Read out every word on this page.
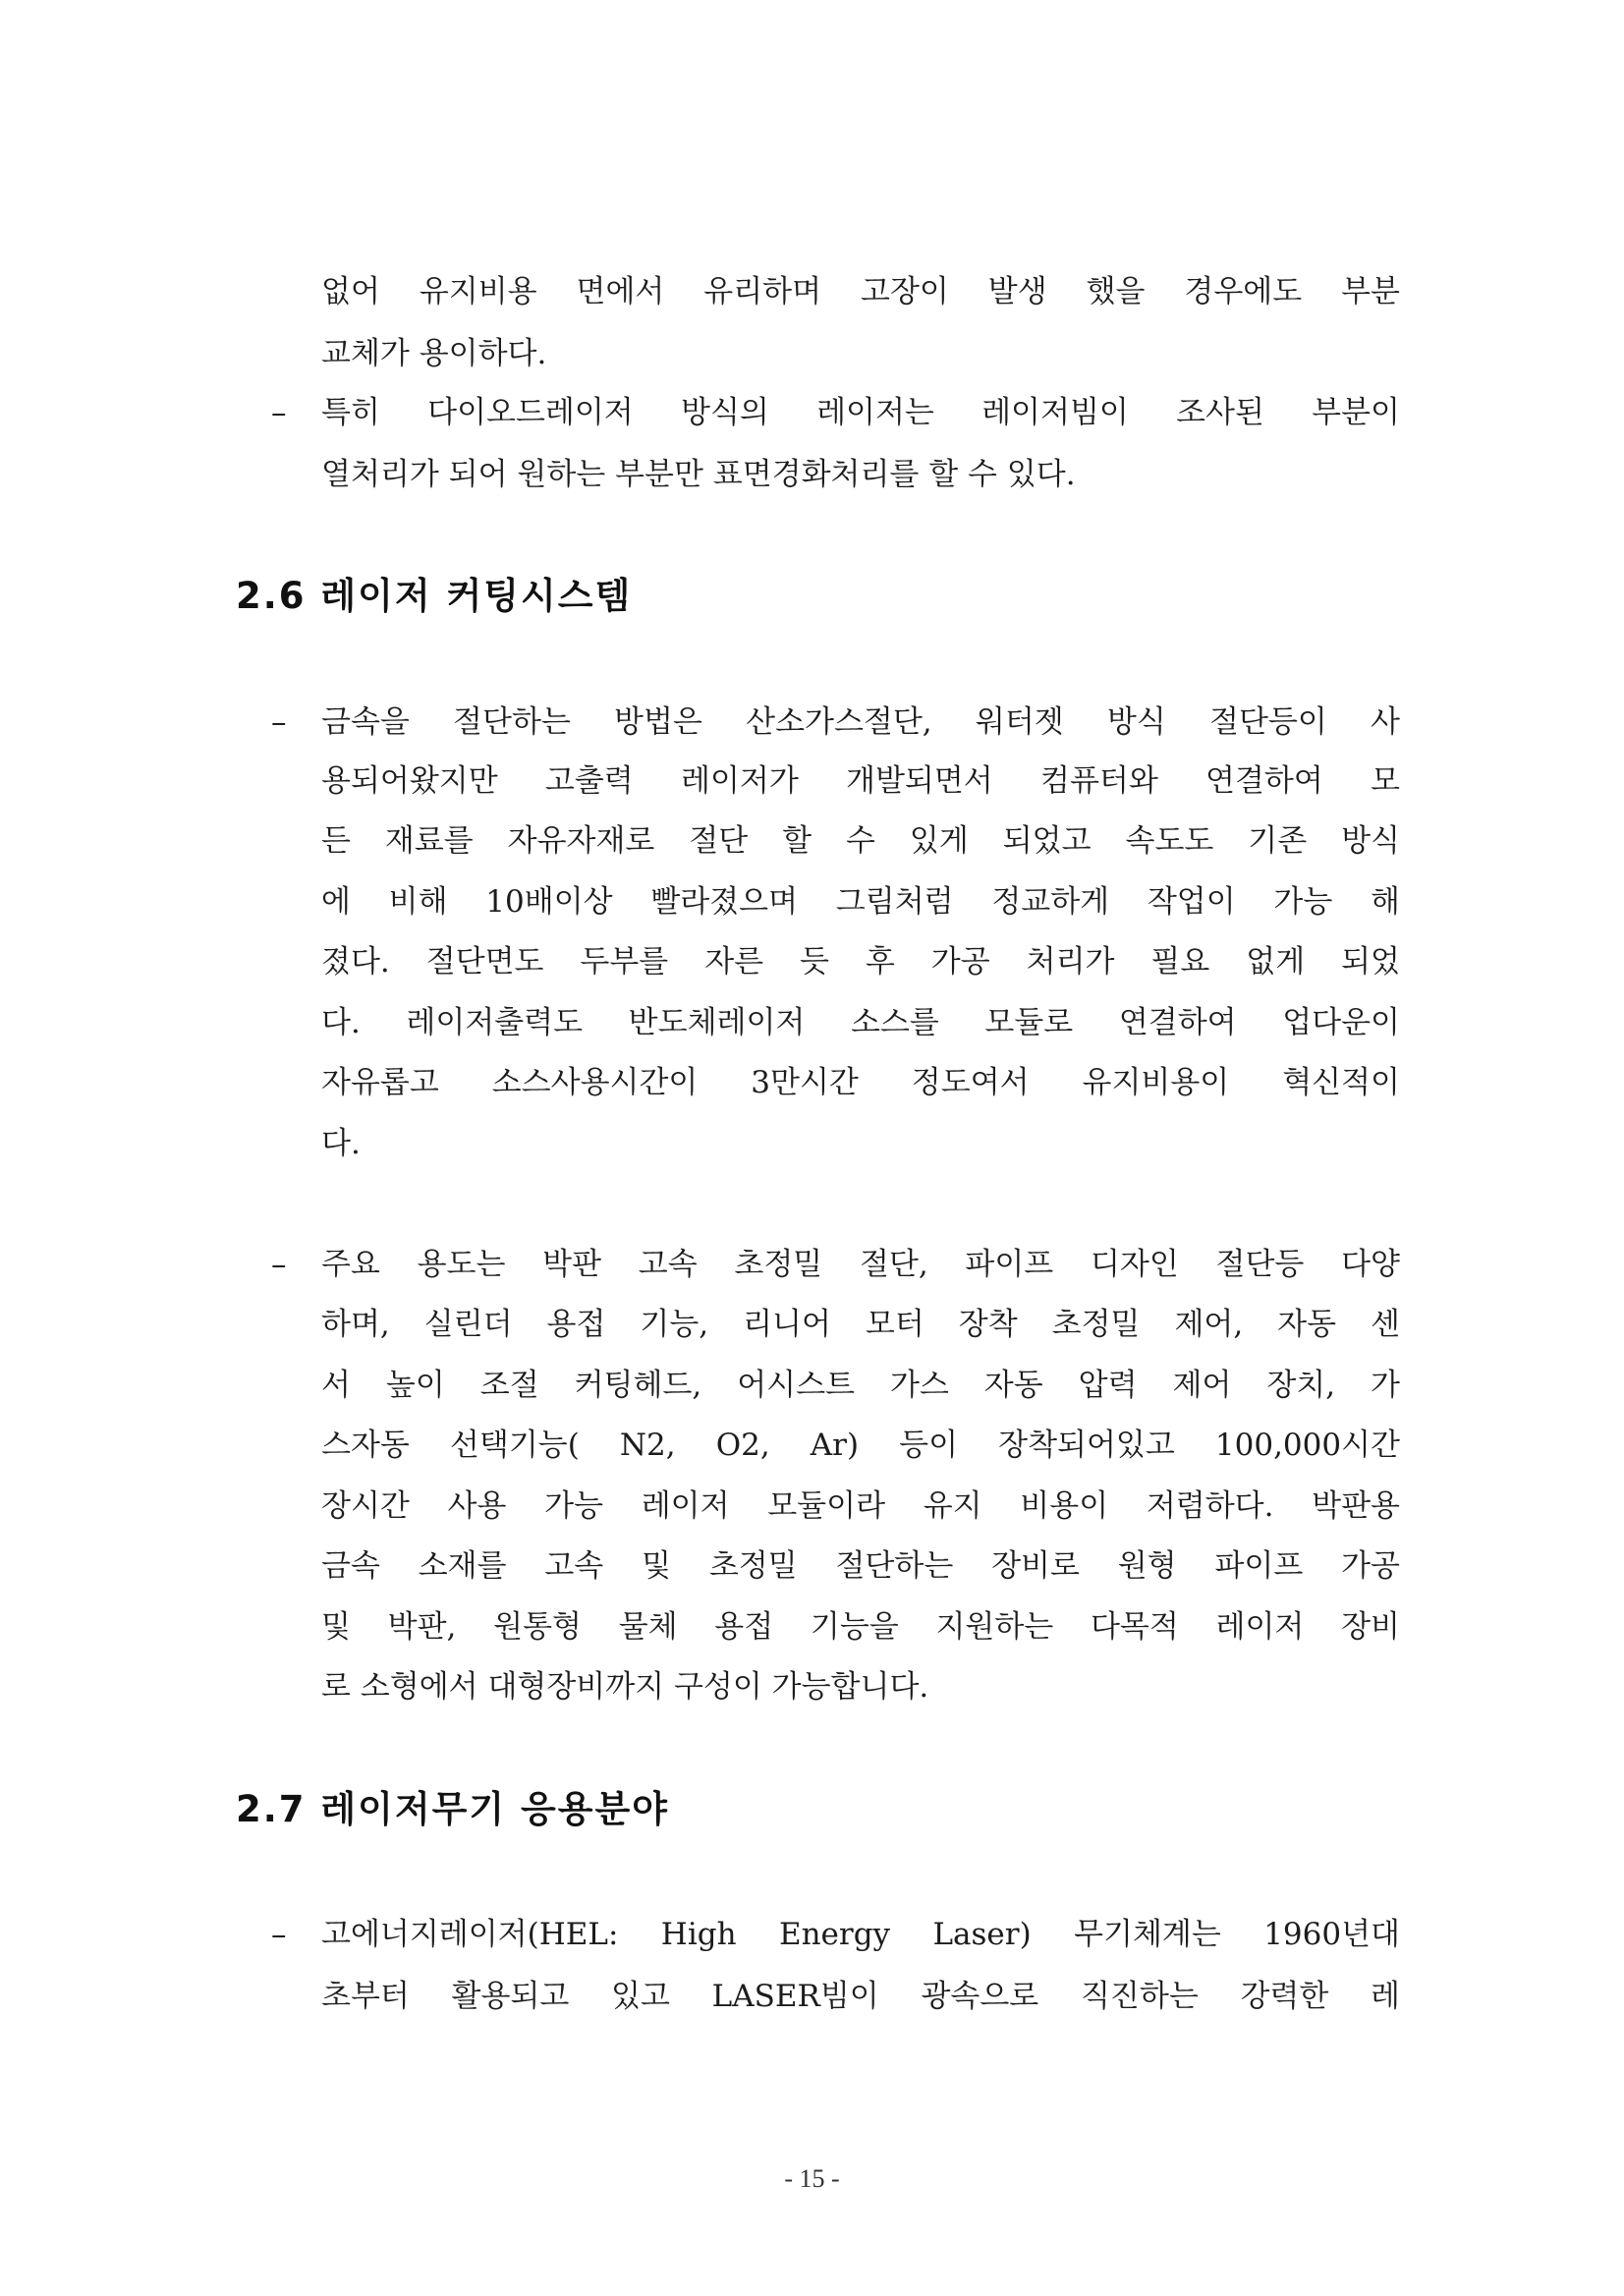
없어 유지비용 면에서 유리하며 고장이 발생 했을 경우에도 부분
교체가 용이하다.
–	특히 다이오드레이저 방식의 레이저는 레이저빔이 조사된 부분이
열처리가 되어 원하는 부분만 표면경화처리를 할 수 있다.
2.6 레이저 커팅시스템
–	금속을 절단하는 방법은 산소가스절단, 워터젯 방식 절단등이 사
용되어왔지만 고출력 레이저가 개발되면서 컴퓨터와 연결하여 모
든 재료를 자유자재로 절단 할 수 있게 되었고 속도도 기존 방식
에 비해 10배이상 빨라졌으며 그림처럼 정교하게 작업이 가능 해
졌다. 절단면도 두부를 자른 듯 후 가공 처리가 필요 없게 되었
다. 레이저출력도 반도체레이저 소스를 모듈로 연결하여 업다운이
자유롭고 소스사용시간이 3만시간 정도여서 유지비용이 혁신적이
다.
–	주요 용도는 박판 고속 초정밀 절단, 파이프 디자인 절단등 다양
하며, 실린더 용접 기능, 리니어 모터 장착 초정밀 제어, 자동 센
서 높이 조절 커팅헤드, 어시스트 가스 자동 압력 제어 장치, 가
스자동 선택기능( N2, O2, Ar) 등이 장착되어있고 100,000시간
장시간 사용 가능 레이저 모듈이라 유지 비용이 저렴하다. 박판용
금속 소재를 고속 및 초정밀 절단하는 장비로 원형 파이프 가공
및 박판, 원통형 물체 용접 기능을 지원하는 다목적 레이저 장비
로 소형에서 대형장비까지 구성이 가능합니다.
2.7 레이저무기 응용분야
–	고에너지레이저(HEL: High Energy Laser) 무기체계는 1960년대
초부터 활용되고 있고 LASER빔이 광속으로 직진하는 강력한 레
- 15 -
